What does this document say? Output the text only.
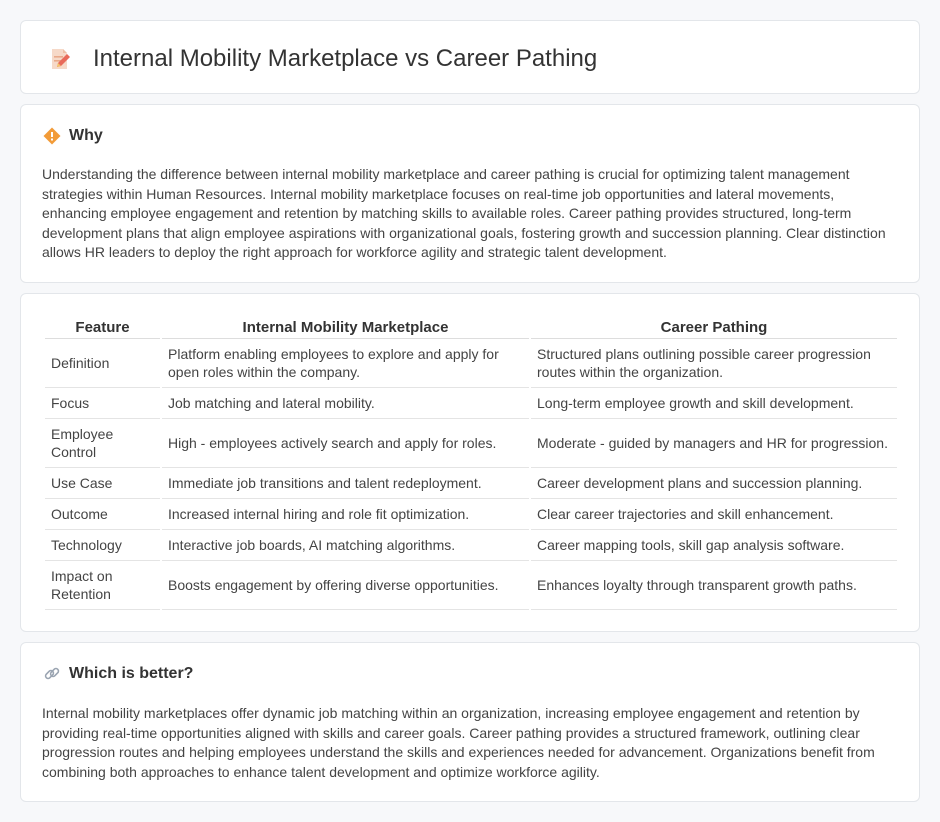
Internal Mobility Marketplace vs Career Pathing
Why

Understanding the difference between internal mobility marketplace and career pathing is crucial for optimizing talent management strategies within Human Resources. Internal mobility marketplace focuses on real-time job opportunities and lateral movements, enhancing employee engagement and retention by matching skills to available roles. Career pathing provides structured, long-term development plans that align employee aspirations with organizational goals, fostering growth and succession planning. Clear distinction allows HR leaders to deploy the right approach for workforce agility and strategic talent development.

Feature	Internal Mobility Marketplace	Career Pathing
Definition	Platform enabling employees to explore and apply for open roles within the company.	Structured plans outlining possible career progression routes within the organization.
Focus	Job matching and lateral mobility.	Long-term employee growth and skill development.
Employee Control	High - employees actively search and apply for roles.	Moderate - guided by managers and HR for progression.
Use Case	Immediate job transitions and talent redeployment.	Career development plans and succession planning.
Outcome	Increased internal hiring and role fit optimization.	Clear career trajectories and skill enhancement.
Technology	Interactive job boards, AI matching algorithms.	Career mapping tools, skill gap analysis software.
Impact on Retention	Boosts engagement by offering diverse opportunities.	Enhances loyalty through transparent growth paths.
Which is better?

Internal mobility marketplaces offer dynamic job matching within an organization, increasing employee engagement and retention by providing real-time opportunities aligned with skills and career goals. Career pathing provides a structured framework, outlining clear progression routes and helping employees understand the skills and experiences needed for advancement. Organizations benefit from combining both approaches to enhance talent development and optimize workforce agility.
